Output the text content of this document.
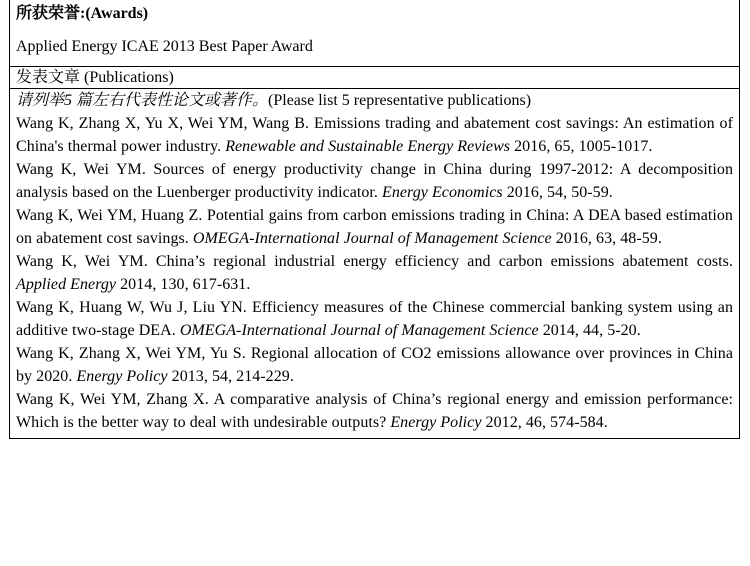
所获荣誉:(Awards)
Applied Energy ICAE 2013 Best Paper Award
发表文章 (Publications)

请列举5 篇左右代表性论文或著作。(Please list 5 representative publications)

Wang K, Zhang X, Yu X, Wei YM, Wang B. Emissions trading and abatement cost savings: An estimation of China's thermal power industry. Renewable and Sustainable Energy Reviews 2016, 65, 1005-1017.

Wang K, Wei YM. Sources of energy productivity change in China during 1997-2012: A decomposition analysis based on the Luenberger productivity indicator. Energy Economics 2016, 54, 50-59.

Wang K, Wei YM, Huang Z. Potential gains from carbon emissions trading in China: A DEA based estimation on abatement cost savings. OMEGA-International Journal of Management Science 2016, 63, 48-59.

Wang K, Wei YM. China’s regional industrial energy efficiency and carbon emissions abatement costs. Applied Energy 2014, 130, 617-631.

Wang K, Huang W, Wu J, Liu YN. Efficiency measures of the Chinese commercial banking system using an additive two-stage DEA. OMEGA-International Journal of Management Science 2014, 44, 5-20.

Wang K, Zhang X, Wei YM, Yu S. Regional allocation of CO2 emissions allowance over provinces in China by 2020. Energy Policy 2013, 54, 214-229.

Wang K, Wei YM, Zhang X. A comparative analysis of China’s regional energy and emission performance: Which is the better way to deal with undesirable outputs? Energy Policy 2012, 46, 574-584.
